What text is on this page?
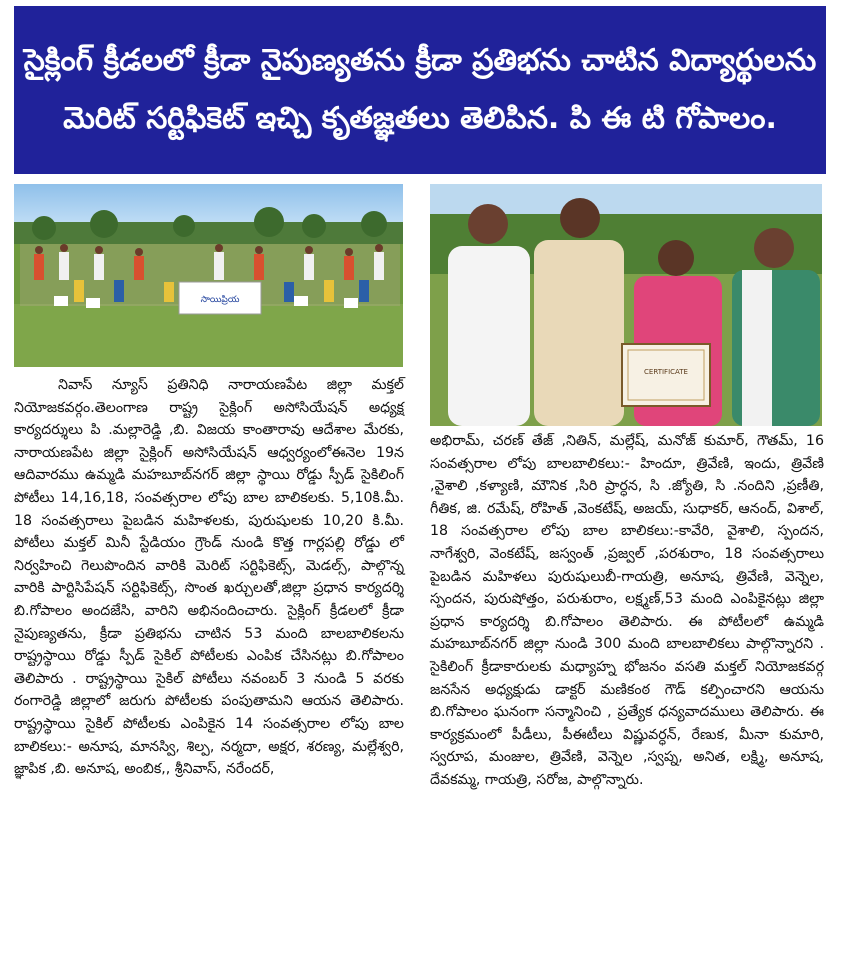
సైక్లింగ్ క్రీడలలో క్రీడా నైపుణ్యతను క్రీడా ప్రతిభను చాటిన విద్యార్థులను
మెరిట్ సర్టిఫికెట్ ఇచ్చి కృతజ్ఞతలు తెలిపిన. పి ఈ టి గోపాలం.
సాయిప్రియ
CERTIFICATE

నివాస్ న్యూస్ ప్రతినిధి నారాయణపేట జిల్లా మక్తల్ నియోజకవర్గం.తెలంగాణ రాష్ట్ర సైక్లింగ్ అసోసియేషన్ అధ్యక్ష కార్యదర్శులు పి .మల్లారెడ్డి ,బి. విజయ కాంతారావు ఆదేశాల మేరకు, నారాయణపేట జిల్లా సైక్లింగ్ అసోసియేషన్ ఆధ్వర్యంలోఈనెల 19న ఆదివారము ఉమ్మడి మహబూబ్‌నగర్ జిల్లా స్థాయి రోడ్డు స్పీడ్ సైకిలింగ్ పోటీలు 14,16,18, సంవత్సరాల లోపు బాల బాలికలకు. 5,10కి.మీ. 18 సంవత్సరాలు పైబడిన మహిళలకు, పురుషులకు 10,20 కి.మీ. పోటీలు మక్తల్ మినీ స్టేడియం గ్రౌండ్ నుండి కొత్త గార్లపల్లి రోడ్డు లో నిర్వహించి గెలుపొందిన వారికి మెరిట్ సర్టిఫికెట్స్, మెడల్స్, పాల్గొన్న వారికి పార్టిసిపేషన్ సర్టిఫికెట్స్, సొంత ఖర్చులతో,జిల్లా ప్రధాన కార్యదర్శి బి.గోపాలం అందజేసి, వారిని అభినందించారు. సైక్లింగ్ క్రీడలలో క్రీడా నైపుణ్యతను, క్రీడా ప్రతిభను చాటిన 53 మంది బాలబాలికలను రాష్ట్రస్థాయి రోడ్డు స్పీడ్ సైకిల్ పోటీలకు ఎంపిక చేసినట్లు బి.గోపాలం తెలిపారు . రాష్ట్రస్థాయి సైకిల్ పోటీలు నవంబర్ 3 నుండి 5 వరకు రంగారెడ్డి జిల్లాలో జరుగు పోటీలకు పంపుతామని ఆయన తెలిపారు. రాష్ట్రస్థాయి సైకిల్ పోటీలకు ఎంపికైన 14 సంవత్సరాల లోపు బాల బాలికలు:- అనూష, మానస్వి, శిల్ప, నర్మదా, అక్షర, శరణ్య, మల్లేశ్వరి, జ్ఞాపిక ,బి. అనూష, అంబిక,, శ్రీనివాస్, నరేందర్,

అభిరామ్, చరణ్ తేజ్ ,నితిన్, మల్లేష్, మనోజ్ కుమార్, గౌతమ్, 16 సంవత్సరాల లోపు బాలబాలికలు:- హిందూ, త్రివేణి, ఇందు, త్రివేణి ,వైశాలి ,కళ్యాణి, మౌనిక ,సిరి ప్రార్ధన, సి .జ్యోతి, సి .నందిని ,ప్రణీతి, గీతిక, జి. రమేష్, రోహిత్ ,వెంకటేష్, అజయ్, సుధాకర్, ఆనంద్, విశాల్, 18 సంవత్సరాల లోపు బాల బాలికలు:-కావేరి, వైశాలి, స్పందన, నాగేశ్వరి, వెంకటేష్, జస్వంత్ ,ప్రజ్వల్ ,పరశురాం, 18 సంవత్సరాలు పైబడిన మహిళలు పురుషులుబీ-గాయత్రి, అనూష, త్రివేణి, వెన్నెల, స్పందన, పురుషోత్తం, పరుశురాం, లక్ష్మణ్,53 మంది ఎంపికైనట్లు జిల్లా ప్రధాన కార్యదర్శి బి.గోపాలం తెలిపారు. ఈ పోటీలలో ఉమ్మడి మహబూబ్‌నగర్ జిల్లా నుండి 300 మంది బాలబాలికలు పాల్గొన్నారని . సైకిలింగ్ క్రీడాకారులకు మధ్యాహ్న భోజనం వసతి మక్తల్ నియోజకవర్గ జనసేన అధ్యక్షుడు డాక్టర్ మణికంఠ గౌడ్ కల్పించారని ఆయను బి.గోపాలం ఘనంగా సన్మానించి , ప్రత్యేక ధన్యవాదములు తెలిపారు. ఈ కార్యక్రమంలో పీడీలు, పీఈటీలు విష్ణువర్ధన్, రేణుక, మీనా కుమారి, స్వరూప, మంజుల, త్రివేణి, వెన్నెల ,స్వప్న, అనిత, లక్ష్మి, అనూష, దేవకమ్మ, గాయత్రి, సరోజ, పాల్గొన్నారు.
